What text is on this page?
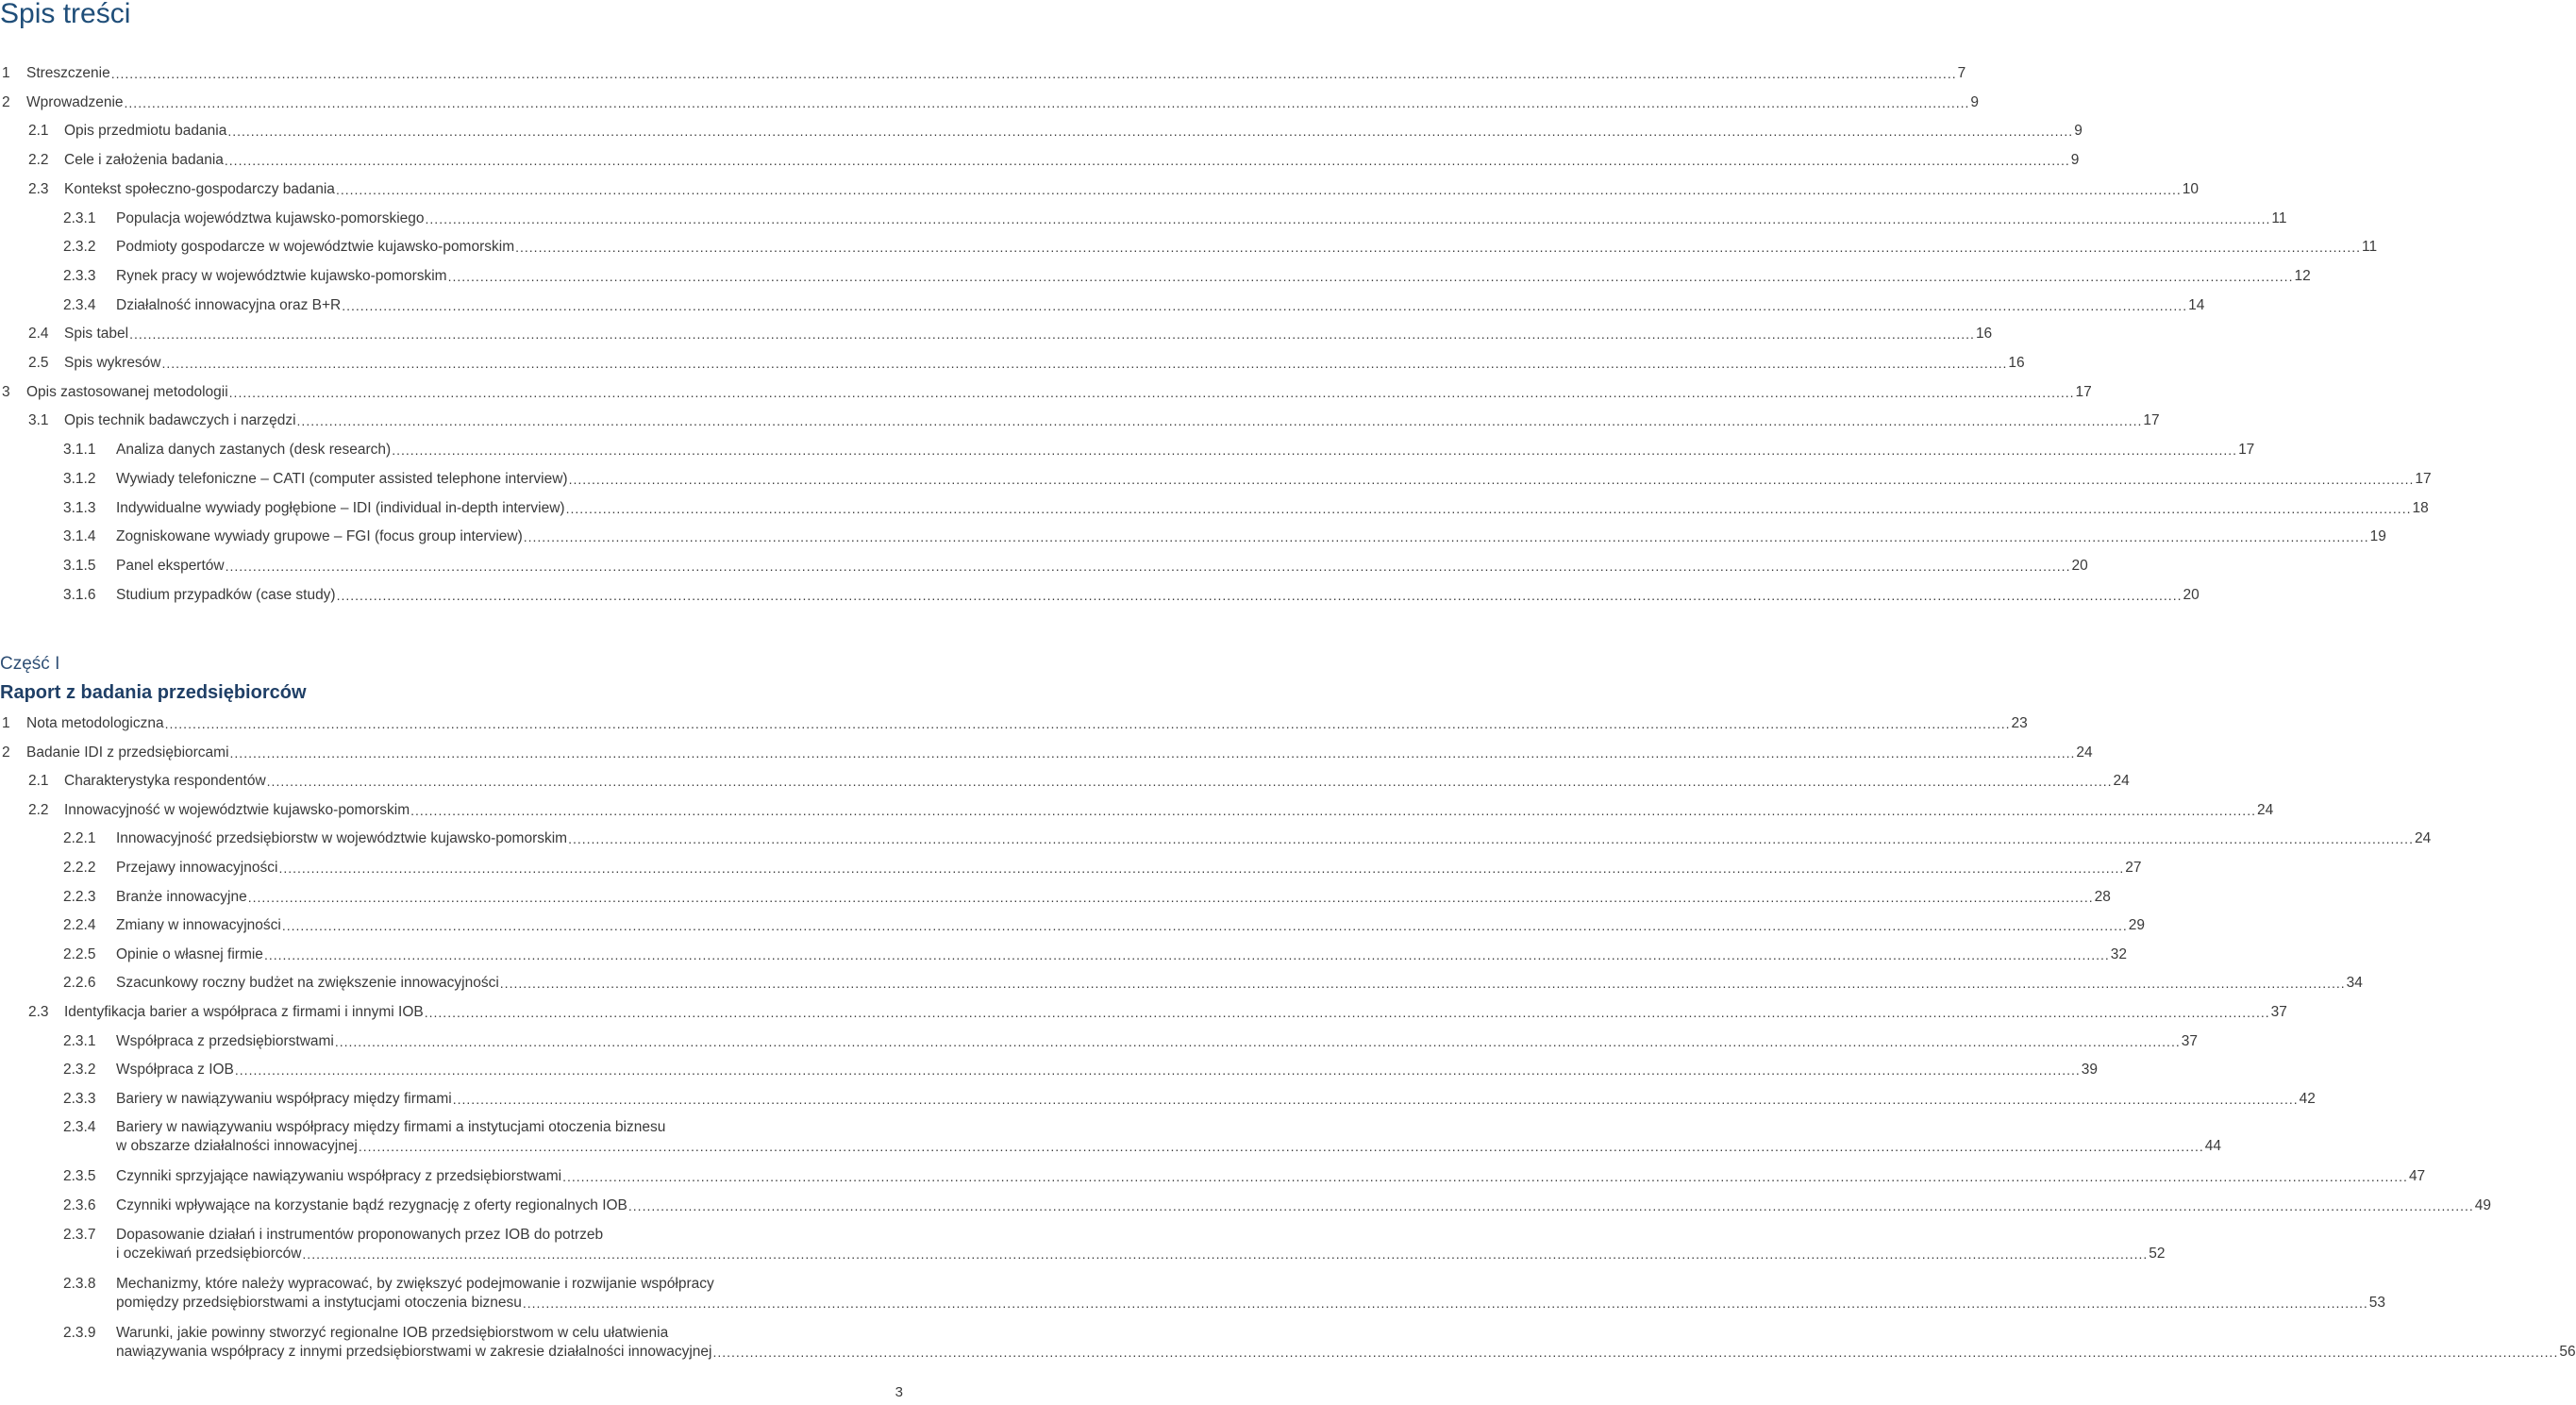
Spis treści
1 Streszczenie ................................................................................................................................................................................................................................................................................................................................................................................................................ 7
2 Wprowadzenie ................................................................................................................................................................................................................................................................................................................................................................................................................ 9
2.1 Opis przedmiotu badania ................................................................................................................................................................................................................................................................................................................................................................................................................ 9
2.2 Cele i założenia badania ................................................................................................................................................................................................................................................................................................................................................................................................................ 9
2.3 Kontekst społeczno-gospodarczy badania ................................................................................................................................................................................................................................................................................................................................................................................................................ 10
2.3.1 Populacja województwa kujawsko-pomorskiego ................................................................................................................................................................................................................................................................................................................................................................................................................ 11
2.3.2 Podmioty gospodarcze w województwie kujawsko-pomorskim ................................................................................................................................................................................................................................................................................................................................................................................................................ 11
2.3.3 Rynek pracy w województwie kujawsko-pomorskim ................................................................................................................................................................................................................................................................................................................................................................................................................ 12
2.3.4 Działalność innowacyjna oraz B+R ................................................................................................................................................................................................................................................................................................................................................................................................................ 14
2.4 Spis tabel ................................................................................................................................................................................................................................................................................................................................................................................................................ 16
2.5 Spis wykresów ................................................................................................................................................................................................................................................................................................................................................................................................................ 16
3 Opis zastosowanej metodologii ................................................................................................................................................................................................................................................................................................................................................................................................................ 17
3.1 Opis technik badawczych i narzędzi ................................................................................................................................................................................................................................................................................................................................................................................................................ 17
3.1.1 Analiza danych zastanych (desk research) ................................................................................................................................................................................................................................................................................................................................................................................................................ 17
3.1.2 Wywiady telefoniczne – CATI (computer assisted telephone interview) ................................................................................................................................................................................................................................................................................................................................................................................................................ 17
3.1.3 Indywidualne wywiady pogłębione – IDI (individual in-depth interview) ................................................................................................................................................................................................................................................................................................................................................................................................................ 18
3.1.4 Zogniskowane wywiady grupowe – FGI (focus group interview) ................................................................................................................................................................................................................................................................................................................................................................................................................ 19
3.1.5 Panel ekspertów ................................................................................................................................................................................................................................................................................................................................................................................................................ 20
3.1.6 Studium przypadków (case study) ................................................................................................................................................................................................................................................................................................................................................................................................................ 20
Część I
Raport z badania przedsiębiorców
1 Nota metodologiczna ................................................................................................................................................................................................................................................................................................................................................................................................................ 23
2 Badanie IDI z przedsiębiorcami ................................................................................................................................................................................................................................................................................................................................................................................................................ 24
2.1 Charakterystyka respondentów ................................................................................................................................................................................................................................................................................................................................................................................................................ 24
2.2 Innowacyjność w województwie kujawsko-pomorskim ................................................................................................................................................................................................................................................................................................................................................................................................................ 24
2.2.1 Innowacyjność przedsiębiorstw w województwie kujawsko-pomorskim ................................................................................................................................................................................................................................................................................................................................................................................................................ 24
2.2.2 Przejawy innowacyjności ................................................................................................................................................................................................................................................................................................................................................................................................................ 27
2.2.3 Branże innowacyjne ................................................................................................................................................................................................................................................................................................................................................................................................................ 28
2.2.4 Zmiany w innowacyjności ................................................................................................................................................................................................................................................................................................................................................................................................................ 29
2.2.5 Opinie o własnej firmie ................................................................................................................................................................................................................................................................................................................................................................................................................ 32
2.2.6 Szacunkowy roczny budżet na zwiększenie innowacyjności ................................................................................................................................................................................................................................................................................................................................................................................................................ 34
2.3 Identyfikacja barier a współpraca z firmami i innymi IOB ................................................................................................................................................................................................................................................................................................................................................................................................................ 37
2.3.1 Współpraca z przedsiębiorstwami ................................................................................................................................................................................................................................................................................................................................................................................................................ 37
2.3.2 Współpraca z IOB ................................................................................................................................................................................................................................................................................................................................................................................................................ 39
2.3.3 Bariery w nawiązywaniu współpracy między firmami ................................................................................................................................................................................................................................................................................................................................................................................................................ 42
2.3.4 Bariery w nawiązywaniu współpracy między firmami a instytucjami otoczenia biznesu
w obszarze działalności innowacyjnej ................................................................................................................................................................................................................................................................................................................................................................................................................ 44
2.3.5 Czynniki sprzyjające nawiązywaniu współpracy z przedsiębiorstwami ................................................................................................................................................................................................................................................................................................................................................................................................................ 47
2.3.6 Czynniki wpływające na korzystanie bądź rezygnację z oferty regionalnych IOB ................................................................................................................................................................................................................................................................................................................................................................................................................ 49
2.3.7 Dopasowanie działań i instrumentów proponowanych przez IOB do potrzeb
i oczekiwań przedsiębiorców ................................................................................................................................................................................................................................................................................................................................................................................................................ 52
2.3.8 Mechanizmy, które należy wypracować, by zwiększyć podejmowanie i rozwijanie współpracy
pomiędzy przedsiębiorstwami a instytucjami otoczenia biznesu ................................................................................................................................................................................................................................................................................................................................................................................................................ 53
2.3.9 Warunki, jakie powinny stworzyć regionalne IOB przedsiębiorstwom w celu ułatwienia
nawiązywania współpracy z innymi przedsiębiorstwami w zakresie działalności innowacyjnej ................................................................................................................................................................................................................................................................................................................................................................................................................ 56
3
